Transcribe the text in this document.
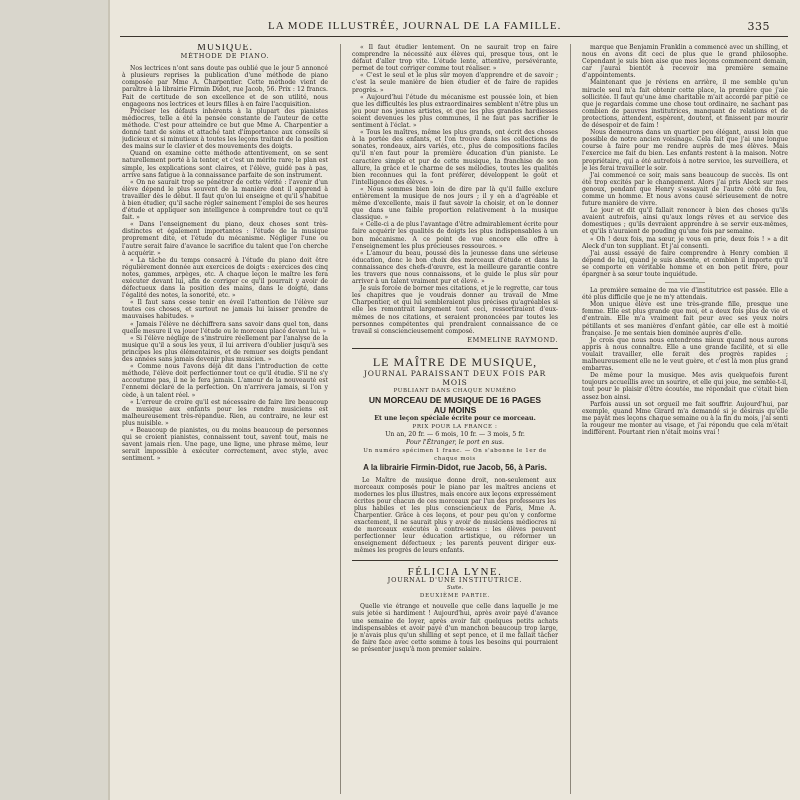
LA MODE ILLUSTRÉE, JOURNAL DE LA FAMILLE.	335
MUSIQUE.
MÉTHODE DE PIANO.

Nos lectrices n'ont sans doute pas oublié que le jour 5 annoncé à plusieurs reprises la publication d'une méthode de piano composée par Mme A. Charpentier. Cette méthode vient de paraître à la librairie Firmin Didot, rue Jacob, 56. Prix : 12 francs. Fait de certitude de son excellence et de son utilité, nous engageons nos lectrices et leurs filles à en faire l'acquisition.

Préciser les défauts inhérents à la plupart des pianistes médiocres, telle a été la pensée constante de l'auteur de cette méthode. C'est pour atteindre ce but que Mme A. Charpentier a donné tant de soins et attaché tant d'importance aux conseils si judicieux et si minutieux à toutes les leçons traitant de la position des mains sur le clavier et des mouvements des doigts.

Quand on examine cette méthode attentivement, on se sent naturellement porté à la tenter, et c'est un mérite rare; le plan est simple, les explications sont claires, et l'élève, guidé pas à pas, arrive sans fatigue à la connaissance parfaite de son instrument.

« On ne saurait trop se pénétrer de cette vérité : l'avenir d'un élève dépend le plus souvent de la manière dont il apprend à travailler dès le début. Il faut qu'on lui enseigne et qu'il s'habitue à bien étudier, qu'il sache régler sainement l'emploi de ses heures d'étude et appliquer son intelligence à comprendre tout ce qu'il fait. »

« Dans l'enseignement du piano, deux choses sont très-distinctes et également importantes : l'étude de la musique proprement dite, et l'étude du mécanisme. Négliger l'une ou l'autre serait faire d'avance le sacrifice du talent que l'on cherche à acquérir. »

« La tâche du temps consacré à l'étude du piano doit être régulièrement donnée aux exercices de doigts : exercices des cinq notes, gammes, arpèges, etc. A chaque leçon le maître les fera exécuter devant lui, afin de corriger ce qu'il pourrait y avoir de défectueux dans la position des mains, dans le doigté, dans l'égalité des notes, la sonorité, etc. »

« Il faut sans cesse tenir en éveil l'attention de l'élève sur toutes ces choses, et surtout ne jamais lui laisser prendre de mauvaises habitudes. »

« Jamais l'élève ne déchiffrera sans savoir dans quel ton, dans quelle mesure il va jouer l'étude ou le morceau placé devant lui. »

« Si l'élève néglige de s'instruire réellement par l'analyse de la musique qu'il a sous les yeux, il lui arrivera d'oublier jusqu'à ses principes les plus élémentaires, et de remuer ses doigts pendant des années sans jamais devenir plus musicien. »

« Comme nous l'avons déjà dit dans l'introduction de cette méthode, l'élève doit perfectionner tout ce qu'il étudie. S'il ne s'y accoutume pas, il ne le fera jamais. L'amour de la nouveauté est l'ennemi déclaré de la perfection. On n'arrivera jamais, si l'on y cède, à un talent réel. »

« L'erreur de croire qu'il est nécessaire de faire lire beaucoup de musique aux enfants pour les rendre musiciens est malheureusement très-répandue. Rien, au contraire, ne leur est plus nuisible. »

« Beaucoup de pianistes, ou du moins beaucoup de personnes qui se croient pianistes, connaissent tout, savent tout, mais ne savent jamais rien. Une page, une ligne, une phrase même, leur serait impossible à exécuter correctement, avec style, avec sentiment. »

« Il faut étudier lentement. On ne saurait trop en faire comprendre la nécessité aux élèves qui, presque tous, ont le défaut d'aller trop vite. L'étude lente, attentive, persévérante, permet de tout corriger comme tout réaliser. »

« C'est le seul et le plus sûr moyen d'apprendre et de savoir ; c'est la seule manière de bien étudier et de faire de rapides progrès. »

« Aujourd'hui l'étude du mécanisme est poussée loin, et bien que les difficultés les plus extraordinaires semblent n'être plus un jeu pour nos jeunes artistes, et que les plus grandes hardiesses soient devenues les plus communes, il ne faut pas sacrifier le sentiment à l'éclat. »

« Tous les maîtres, même les plus grands, ont écrit des choses à la portée des enfants, et l'on trouve dans les collections de sonates, rondeaux, airs variés, etc., plus de compositions faciles qu'il n'en faut pour la première éducation d'un pianiste. Le caractère simple et pur de cette musique, la franchise de son allure, la grâce et le charme de ses mélodies, toutes les qualités bien reconnues qui la font préférer, développent le goût et l'intelligence des élèves. »

« Nous sommes bien loin de dire par là qu'il faille exclure entièrement la musique de nos jours ; il y en a d'agréable et même d'excellente, mais il faut savoir la choisir, et on le donner que dans une faible proportion relativement à la musique classique. »

« Celle-ci a de plus l'avantage d'être admirablement écrite pour faire acquérir les qualités de doigts les plus indispensables à un bon mécanisme. A ce point de vue encore elle offre à l'enseignement les plus précieuses ressources. »

« L'amour du beau, poussé dès la jeunesse dans une sérieuse éducation, donc le bon choix des morceaux d'étude et dans la connaissance des chefs-d'œuvre, est la meilleure garantie contre les travers que nous connaissons, et le guide le plus sûr pour arriver à un talent vraiment pur et élevé. »

Je suis forcée de borner mes citations, et je le regrette, car tous les chapitres que je voudrais donner au travail de Mme Charpentier, et qui lui sembleraient plus précises qu'agréables si elle les remontrait largement tout ceci, ressortiraient d'eux-mêmes de nos citations, et seraient prononcées par toutes les personnes compétentes qui prendraient connaissance de ce travail si consciencieusement composé.

EMMELINE RAYMOND.
LE MAÎTRE DE MUSIQUE,
JOURNAL PARAISSANT DEUX FOIS PAR MOIS
PUBLIANT DANS CHAQUE NUMÉRO
UN MORCEAU DE MUSIQUE DE 16 PAGES
AU MOINS
Et une leçon spéciale écrite pour ce morceau.
PRIX POUR LA FRANCE :
Un an, 20 fr. — 6 mois, 10 fr. — 3 mois, 5 fr.
Pour l'Étranger, le port en sus.
Un numéro spécimen 1 franc. — On s'abonne le 1er de chaque mois
A la librairie Firmin-Didot, rue Jacob, 56, à Paris.
Le Maître de musique donne droit, non-seulement aux morceaux composés pour le piano par les maîtres anciens et modernes les plus illustres, mais encore aux leçons expressément écrites pour chacun de ces morceaux par l'un des professeurs les plus habiles et les plus consciencieux de Paris, Mme A. Charpentier. Grâce à ces leçons, et pour peu qu'on y conforme exactement, il ne saurait plus y avoir de musiciens médiocres ni de morceaux exécutés à contre-sens : les élèves peuvent perfectionner leur éducation artistique, ou réformer un enseignement défectueux ; les parents peuvent diriger eux-mêmes les progrès de leurs enfants.
FÉLICIA LYNE.
JOURNAL D'UNE INSTITUTRICE.
Suite.
DEUXIÈME PARTIE.

Quelle vie étrange et nouvelle que celle dans laquelle je me suis jetée si hardiment ! Aujourd'hui, après avoir payé d'avance une semaine de loyer, après avoir fait quelques petits achats indispensables et avoir payé d'un manchon beaucoup trop large, je n'avais plus qu'un shilling et sept pence, et il me fallait tâcher de faire face avec cette somme à tous les besoins qui pourraient se présenter jusqu'à mon premier salaire.

marque que Benjamin Franklin a commencé avec un shilling, et nous en avons dit ceci de plus que le grand philosophe. Cependant je suis bien aise que mes leçons commencent demain, car j'aurai bientôt à recevoir ma première semaine d'appointements.

Maintenant que je réviens en arrière, il me semble qu'un miracle seul m'a fait obtenir cette place, la première que j'aie sollicitée. Il faut qu'une âme charitable m'ait accordé par pitié ce que je regardais comme une chose tout ordinaire, ne sachant pas combien de pauvres institutrices, manquant de relations et de protections, attendent, espèrent, doutent, et finissent par mourir de désespoir et de faim !

Nous demeurons dans un quartier peu élégant, aussi loin que possible de notre ancien voisinage. Cela fait que j'ai une longue course à faire pour me rendre auprès de mes élèves. Mais l'exercice me fait du bien. Les enfants restent à la maison. Notre propriétaire, qui a été autrefois à notre service, les surveillera, et je les ferai travailler le soir.

J'ai commencé ce soir, mais sans beaucoup de succès. Ils ont été trop excités par le changement. Alors j'ai pris Aleck sur mes genoux, pendant que Henry s'essayait de l'autre côté du feu, comme un homme. Et nous avons causé sérieusement de notre future manière de vivre.

Le jour et dit qu'il fallait renoncer à bien des choses qu'ils avaient autrefois, ainsi qu'aux longs rêves et au service des domestiques ; qu'ils devraient apprendre à se servir eux-mêmes, et qu'ils n'auraient de pouding qu'une fois par semaine.

« Oh ! deux fois, ma sœur, je vous en prie, deux fois ! » a dit Aleck d'un ton suppliant. Et j'ai consenti.

J'ai aussi essayé de faire comprendre à Henry combien il dépend de lui, quand je suis absente, et combien il importe qu'il se comporte en véritable homme et en bon petit frère, pour épargner à sa sœur toute inquiétude.

La première semaine de ma vie d'institutrice est passée. Elle a été plus difficile que je ne m'y attendais.

Mon unique élève est une très-grande fille, presque une femme. Elle est plus grande que moi, et a deux fois plus de vie et d'entrain. Elle m'a vraiment fait peur avec ses yeux noirs pétillants et ses manières d'enfant gâtée, car elle est à moitié française. Je me sentais bien dominée auprès d'elle.

Je crois que nous nous entendrons mieux quand nous aurons appris à nous connaître. Elle a une grande facilité, et si elle voulait travailler, elle ferait des progrès rapides ; malheureusement elle ne le veut guère, et c'est là mon plus grand embarras.

De même pour la musique. Mes avis quelquefois furent toujours accueillis avec un sourire, et elle qui joue, me semble-t-il, tout pour le plaisir d'être écoutée, me répondait que c'était bien assez bon ainsi.

Parfois aussi un sot orgueil me fait souffrir. Aujourd'hui, par exemple, quand Mme Girard m'a demandé si je désirais qu'elle me payât mes leçons chaque semaine ou à la fin du mois, j'ai senti la rougeur me monter au visage, et j'ai répondu que cela m'était indifférent. Pourtant rien n'était moins vrai !
